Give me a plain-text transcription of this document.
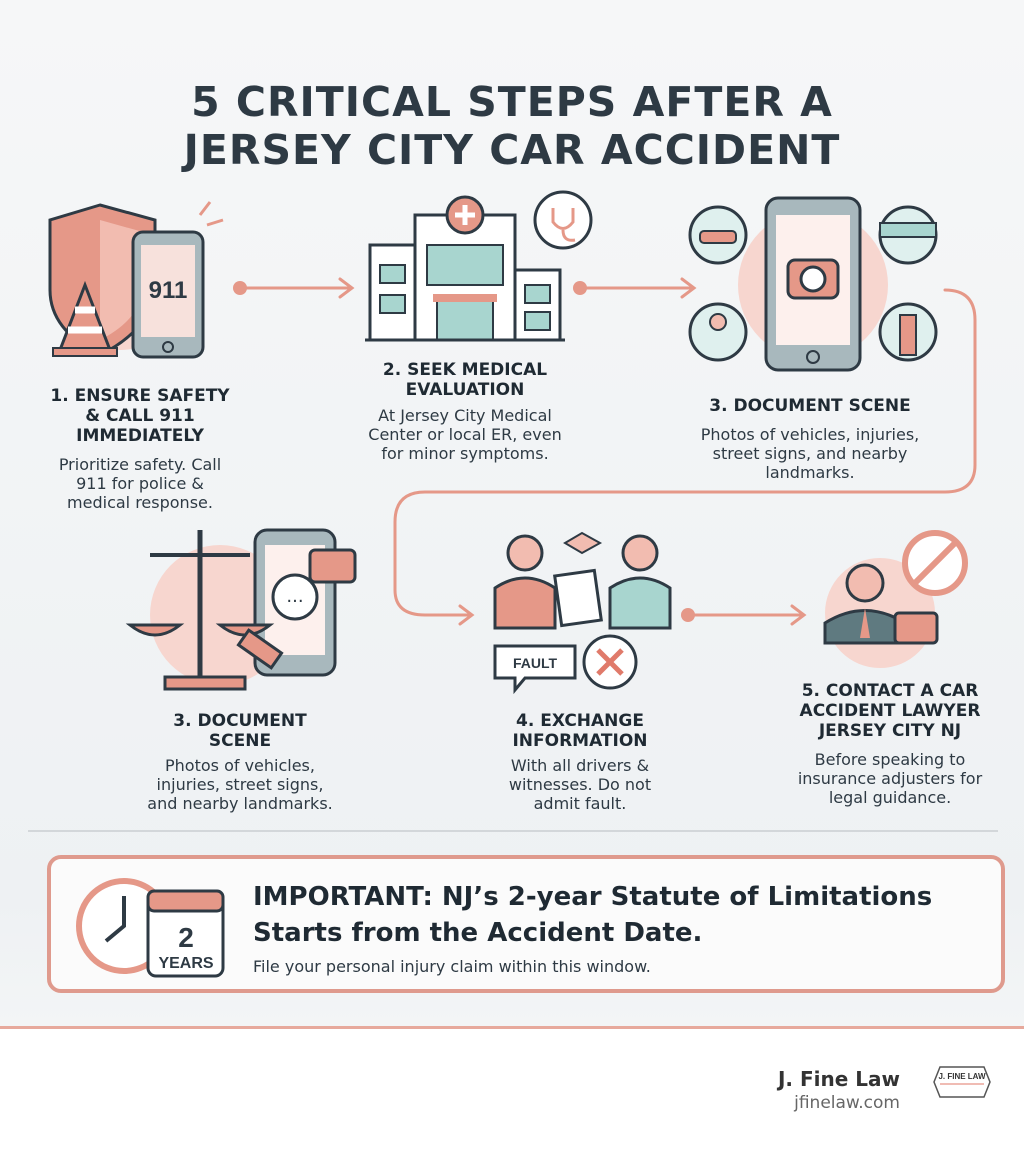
5 CRITICAL STEPS AFTER A
JERSEY CITY CAR ACCIDENT
911
1. ENSURE SAFETY
& CALL 911
IMMEDIATELY
Prioritize safety. Call
911 for police &
medical response.
2. SEEK MEDICAL
EVALUATION
At Jersey City Medical
Center or local ER, even
for minor symptoms.
3. DOCUMENT SCENE
Photos of vehicles, injuries,
street signs, and nearby
landmarks.
...
3. DOCUMENT
SCENE
Photos of vehicles,
injuries, street signs,
and nearby landmarks.
FAULT
4. EXCHANGE
INFORMATION
With all drivers &
witnesses. Do not
admit fault.
5. CONTACT A CAR
ACCIDENT LAWYER
JERSEY CITY NJ
Before speaking to
insurance adjusters for
legal guidance.
2
YEARS
IMPORTANT: NJ’s 2-year Statute of Limitations
Starts from the Accident Date.

File your personal injury claim within this window.

J. Fine Law
jfinelaw.com
J. FINE LAW
